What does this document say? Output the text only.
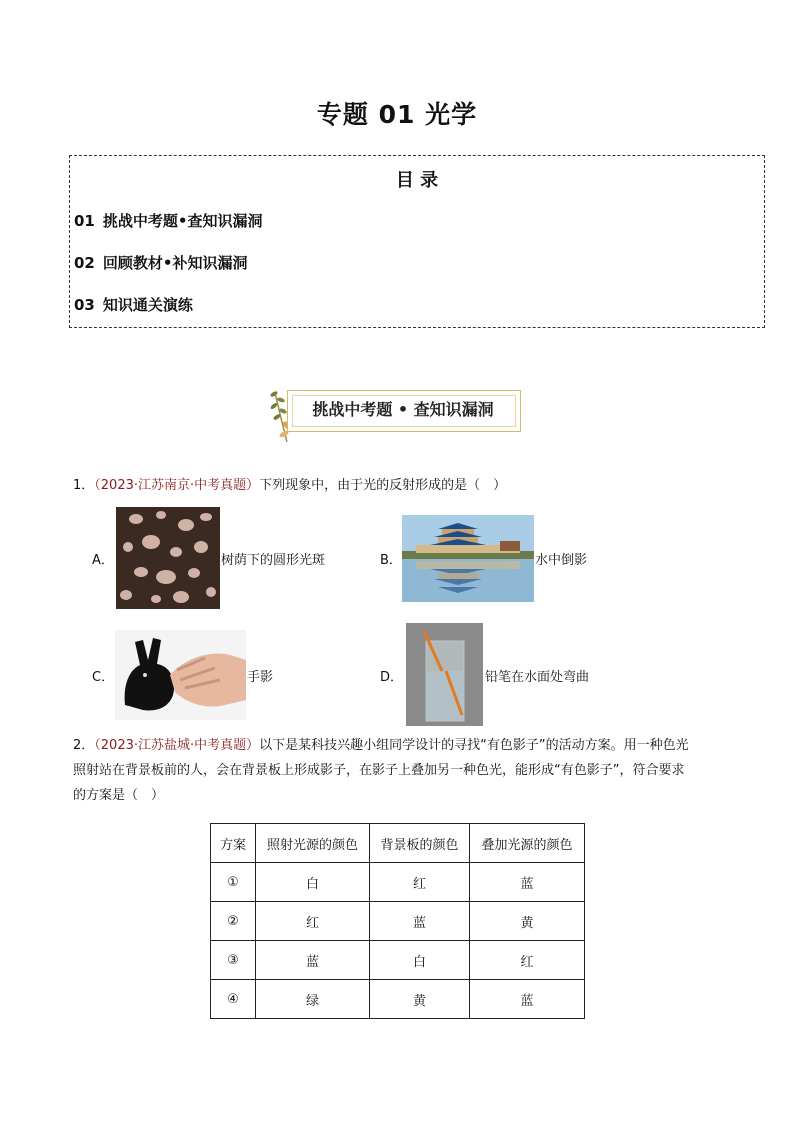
专题 01 光学
目 录
01 挑战中考题•查知识漏洞
02 回顾教材•补知识漏洞
03 知识通关演练
挑战中考题 • 查知识漏洞
1．（2023·江苏南京·中考真题）下列现象中，由于光的反射形成的是（　）
A．	树荫下的圆形光斑	B．	水中倒影
C．	手影	D．	铅笔在水面处弯曲
2．（2023·江苏盐城·中考真题）以下是某科技兴趣小组同学设计的寻找“有色影子”的活动方案。用一种色光
照射站在背景板前的人，会在背景板上形成影子，在影子上叠加另一种色光，能形成“有色影子”，符合要求
的方案是（　）
方案	照射光源的颜色	背景板的颜色	叠加光源的颜色
①	白	红	蓝
②	红	蓝	黄
③	蓝	白	红
④	绿	黄	蓝
